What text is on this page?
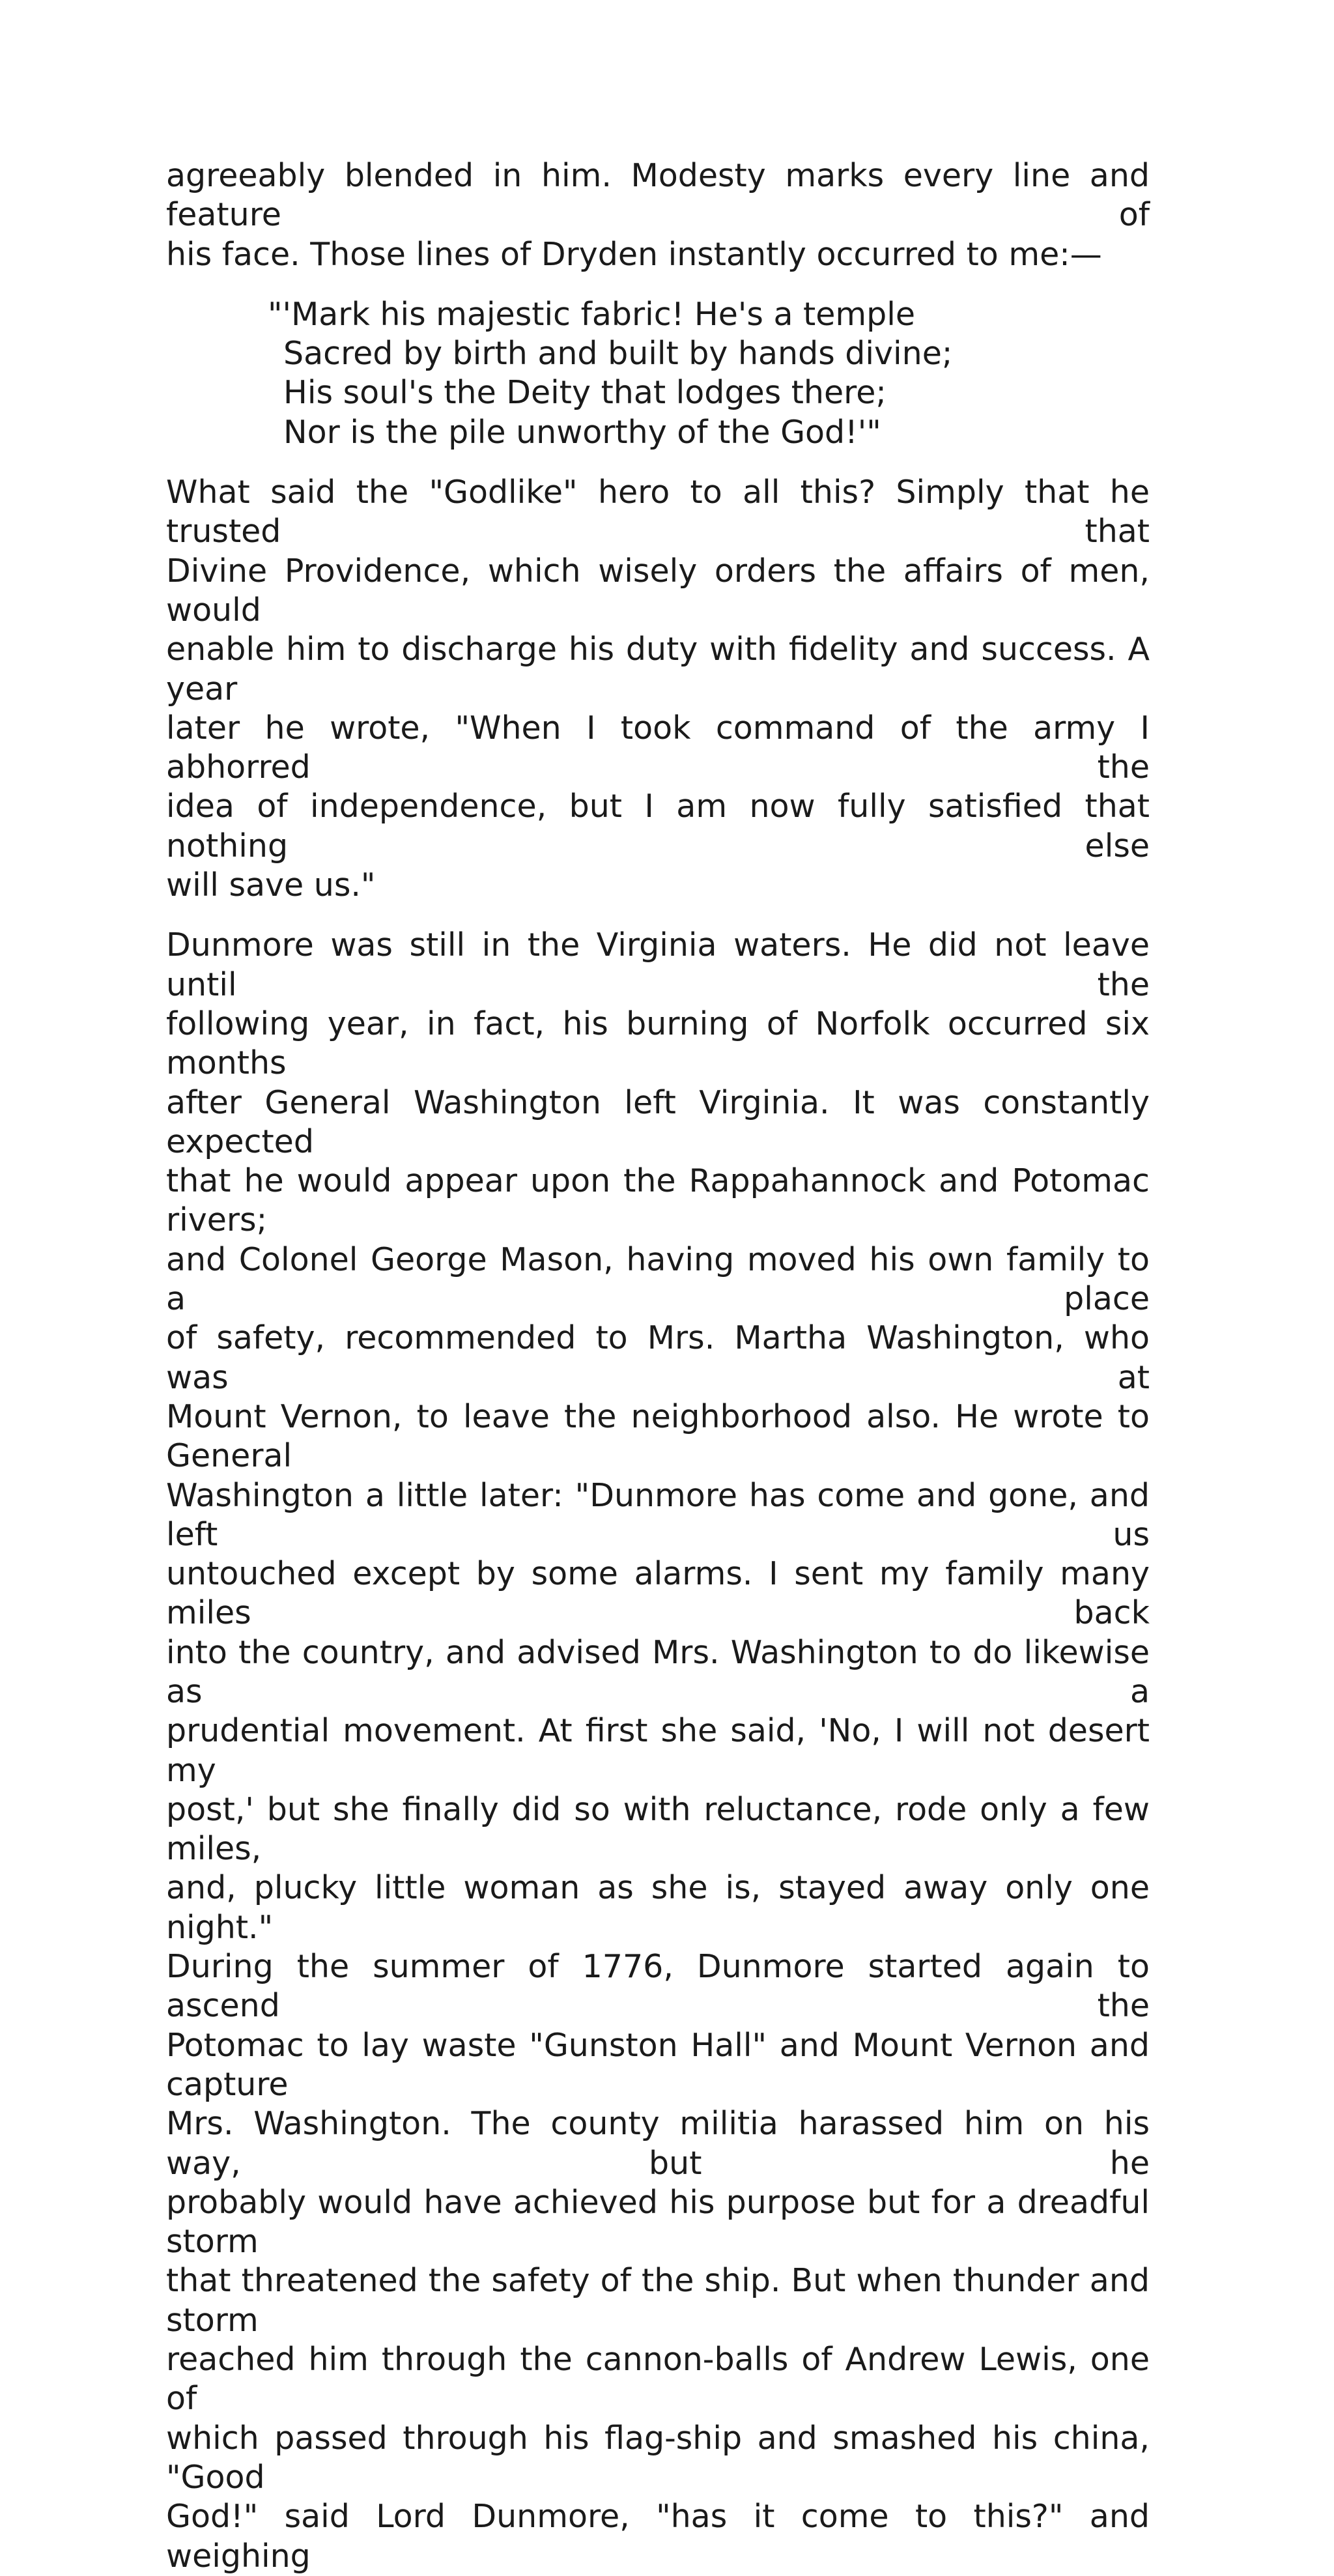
agreeably blended in him. Modesty marks every line and feature of

his face. Those lines of Dryden instantly occurred to me:—

"'Mark his majestic fabric! He's a temple
Sacred by birth and built by hands divine;
His soul's the Deity that lodges there;
Nor is the pile unworthy of the God!'"

What said the "Godlike" hero to all this? Simply that he trusted that

Divine Providence, which wisely orders the affairs of men, would

enable him to discharge his duty with fidelity and success. A year

later he wrote, "When I took command of the army I abhorred the

idea of independence, but I am now fully satisfied that nothing else

will save us."

Dunmore was still in the Virginia waters. He did not leave until the

following year, in fact, his burning of Norfolk occurred six months

after General Washington left Virginia. It was constantly expected

that he would appear upon the Rappahannock and Potomac rivers;

and Colonel George Mason, having moved his own family to a place

of safety, recommended to Mrs. Martha Washington, who was at

Mount Vernon, to leave the neighborhood also. He wrote to General

Washington a little later: "Dunmore has come and gone, and left us

untouched except by some alarms. I sent my family many miles back

into the country, and advised Mrs. Washington to do likewise as a

prudential movement. At first she said, 'No, I will not desert my

post,' but she finally did so with reluctance, rode only a few miles,

and, plucky little woman as she is, stayed away only one night."

During the summer of 1776, Dunmore started again to ascend the

Potomac to lay waste "Gunston Hall" and Mount Vernon and capture

Mrs. Washington. The county militia harassed him on his way, but he

probably would have achieved his purpose but for a dreadful storm

that threatened the safety of the ship. But when thunder and storm

reached him through the cannon-balls of Andrew Lewis, one of

which passed through his flag-ship and smashed his china, "Good

God!" said Lord Dunmore, "has it come to this?" and weighing
